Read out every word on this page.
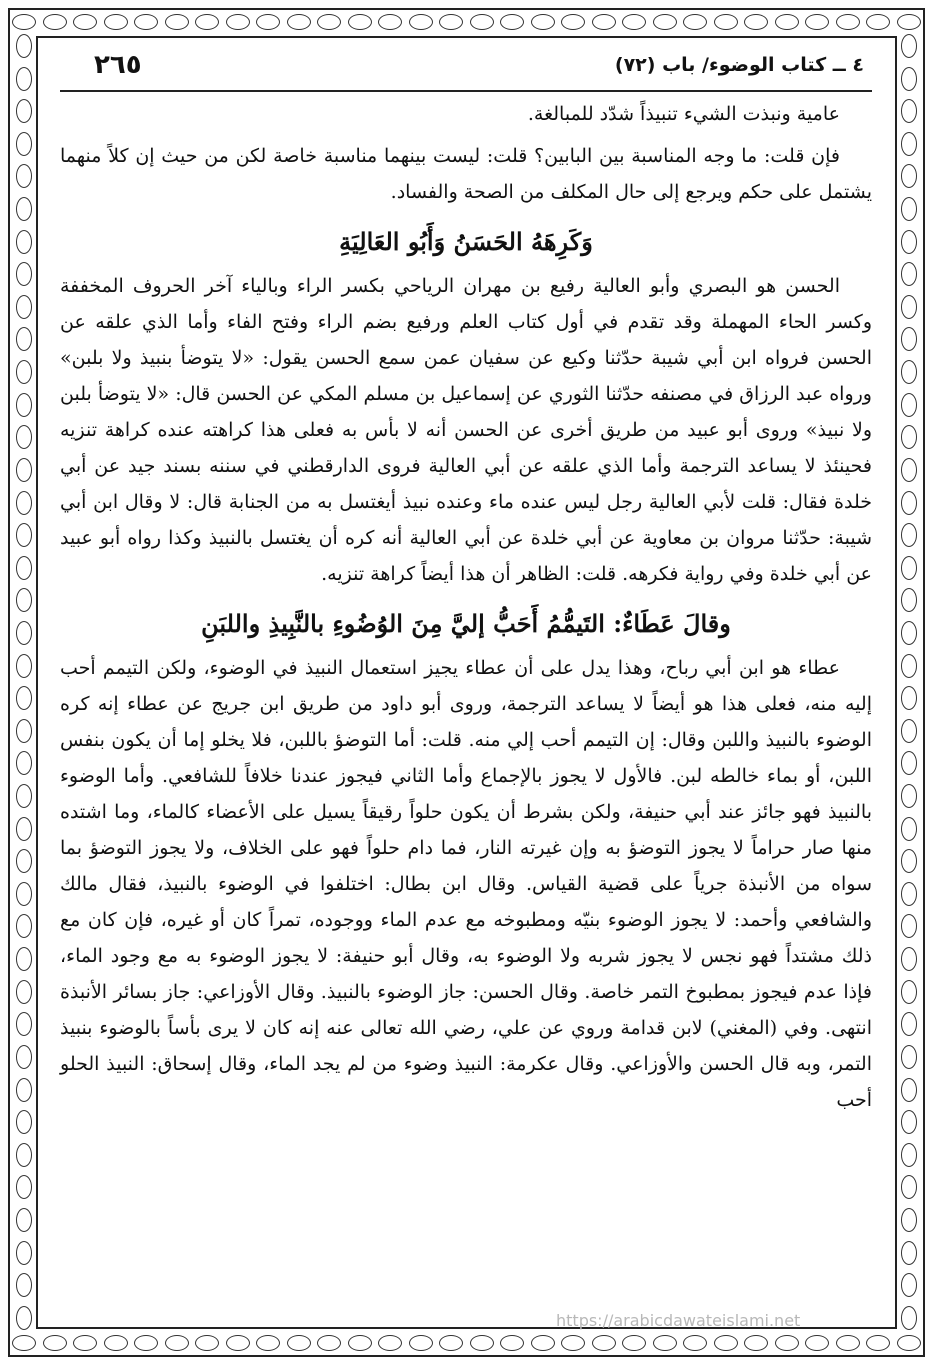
٤ ــ كتاب الوضوء/ باب (٧٢)
٢٦٥

عامية ونبذت الشيء تنبيذاً شدّد للمبالغة.

فإن قلت: ما وجه المناسبة بين البابين؟ قلت: ليست بينهما مناسبة خاصة لكن من حيث إن كلاً منهما يشتمل على حكم ويرجع إلى حال المكلف من الصحة والفساد.

وَكَرِهَهُ الحَسَنُ وَأَبُو العَالِيَةِ

الحسن هو البصري وأبو العالية رفيع بن مهران الرياحي بكسر الراء وبالياء آخر الحروف المخففة وكسر الحاء المهملة وقد تقدم في أول كتاب العلم ورفيع بضم الراء وفتح الفاء وأما الذي علقه عن الحسن فرواه ابن أبي شيبة حدّثنا وكيع عن سفيان عمن سمع الحسن يقول: «لا يتوضأ بنبيذ ولا بلبن» ورواه عبد الرزاق في مصنفه حدّثنا الثوري عن إسماعيل بن مسلم المكي عن الحسن قال: «لا يتوضأ بلبن ولا نبيذ» وروى أبو عبيد من طريق أخرى عن الحسن أنه لا بأس به فعلى هذا كراهته عنده كراهة تنزيه فحينئذ لا يساعد الترجمة وأما الذي علقه عن أبي العالية فروى الدارقطني في سننه بسند جيد عن أبي خلدة فقال: قلت لأبي العالية رجل ليس عنده ماء وعنده نبيذ أيغتسل به من الجنابة قال: لا وقال ابن أبي شيبة: حدّثنا مروان بن معاوية عن أبي خلدة عن أبي العالية أنه كره أن يغتسل بالنبيذ وكذا رواه أبو عبيد عن أبي خلدة وفي رواية فكرهه. قلت: الظاهر أن هذا أيضاً كراهة تنزيه.

وقالَ عَطَاءٌ: التَيمُّمُ أَحَبُّ إليَّ مِنَ الوُضُوءِ بالنَّبِيذِ واللبَنِ

عطاء هو ابن أبي رباح، وهذا يدل على أن عطاء يجيز استعمال النبيذ في الوضوء، ولكن التيمم أحب إليه منه، فعلى هذا هو أيضاً لا يساعد الترجمة، وروى أبو داود من طريق ابن جريج عن عطاء إنه كره الوضوء بالنبيذ واللبن وقال: إن التيمم أحب إلي منه. قلت: أما التوضؤ باللبن، فلا يخلو إما أن يكون بنفس اللبن، أو بماء خالطه لبن. فالأول لا يجوز بالإجماع وأما الثاني فيجوز عندنا خلافاً للشافعي. وأما الوضوء بالنبيذ فهو جائز عند أبي حنيفة، ولكن بشرط أن يكون حلواً رقيقاً يسيل على الأعضاء كالماء، وما اشتده منها صار حراماً لا يجوز التوضؤ به وإن غيرته النار، فما دام حلواً فهو على الخلاف، ولا يجوز التوضؤ بما سواه من الأنبذة جرياً على قضية القياس. وقال ابن بطال: اختلفوا في الوضوء بالنبيذ، فقال مالك والشافعي وأحمد: لا يجوز الوضوء بنيّه ومطبوخه مع عدم الماء ووجوده، تمراً كان أو غيره، فإن كان مع ذلك مشتداً فهو نجس لا يجوز شربه ولا الوضوء به، وقال أبو حنيفة: لا يجوز الوضوء به مع وجود الماء، فإذا عدم فيجوز بمطبوخ التمر خاصة. وقال الحسن: جاز الوضوء بالنبيذ. وقال الأوزاعي: جاز بسائر الأنبذة انتهى. وفي (المغني) لابن قدامة وروي عن علي، رضي الله تعالى عنه إنه كان لا يرى بأساً بالوضوء بنبيذ التمر، وبه قال الحسن والأوزاعي. وقال عكرمة: النبيذ وضوء من لم يجد الماء، وقال إسحاق: النبيذ الحلو أحب

https://arabicdawateislami.net
